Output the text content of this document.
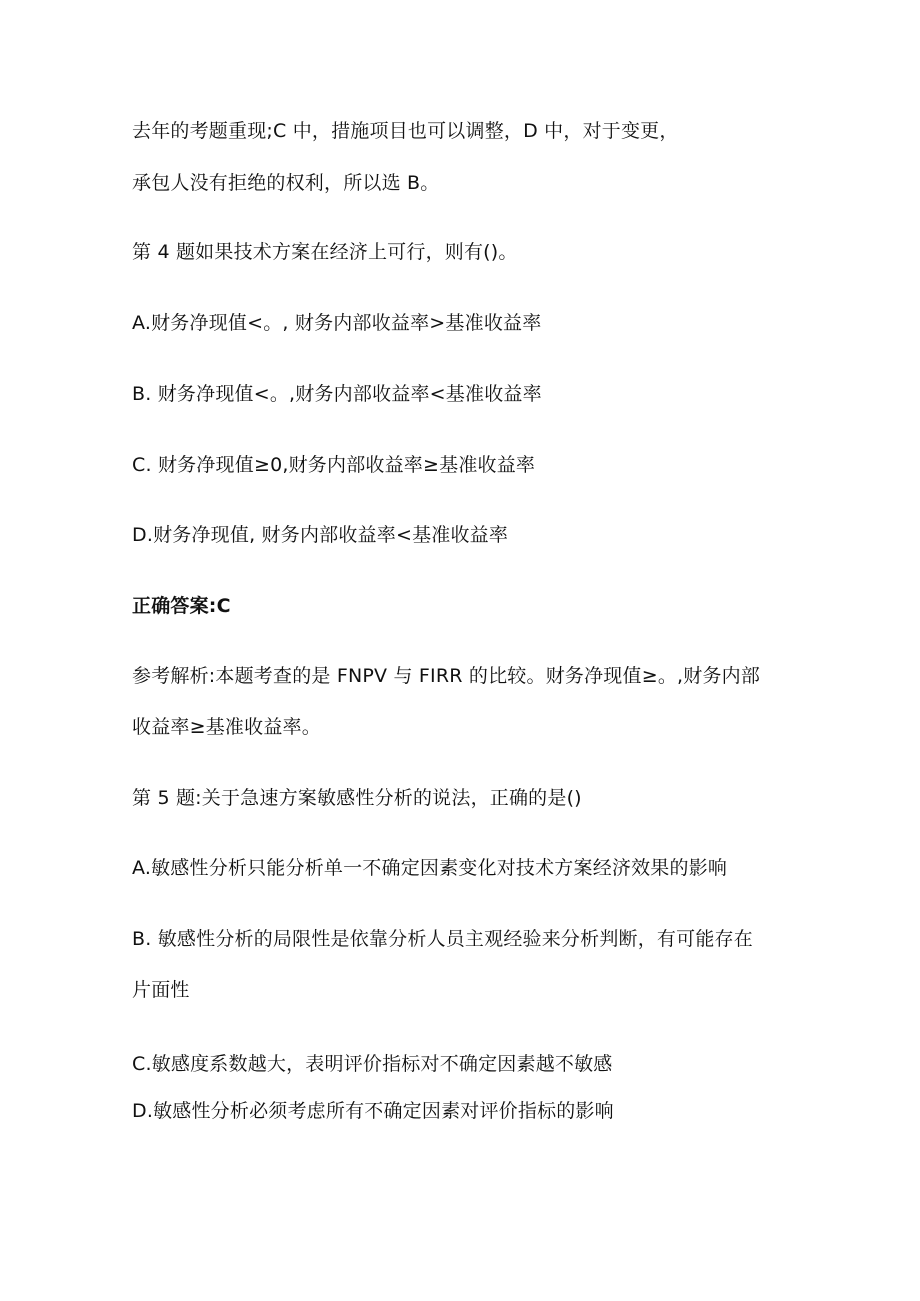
去年的考题重现;C 中，措施项目也可以调整，D 中，对于变更，
承包人没有拒绝的权利，所以选 B。
第 4 题如果技术方案在经济上可行，则有()。
A.财务净现值<。, 财务内部收益率>基准收益率
B. 财务净现值<。,财务内部收益率<基准收益率
C. 财务净现值≥0,财务内部收益率≥基准收益率
D.财务净现值, 财务内部收益率<基准收益率
正确答案:C
参考解析:本题考查的是 FNPV 与 FIRR 的比较。财务净现值≥。,财务内部
收益率≥基准收益率。
第 5 题:关于急速方案敏感性分析的说法，正确的是()
A.敏感性分析只能分析单一不确定因素变化对技术方案经济效果的影响
B. 敏感性分析的局限性是依靠分析人员主观经验来分析判断，有可能存在
片面性
C.敏感度系数越大，表明评价指标对不确定因素越不敏感
D.敏感性分析必须考虑所有不确定因素对评价指标的影响
